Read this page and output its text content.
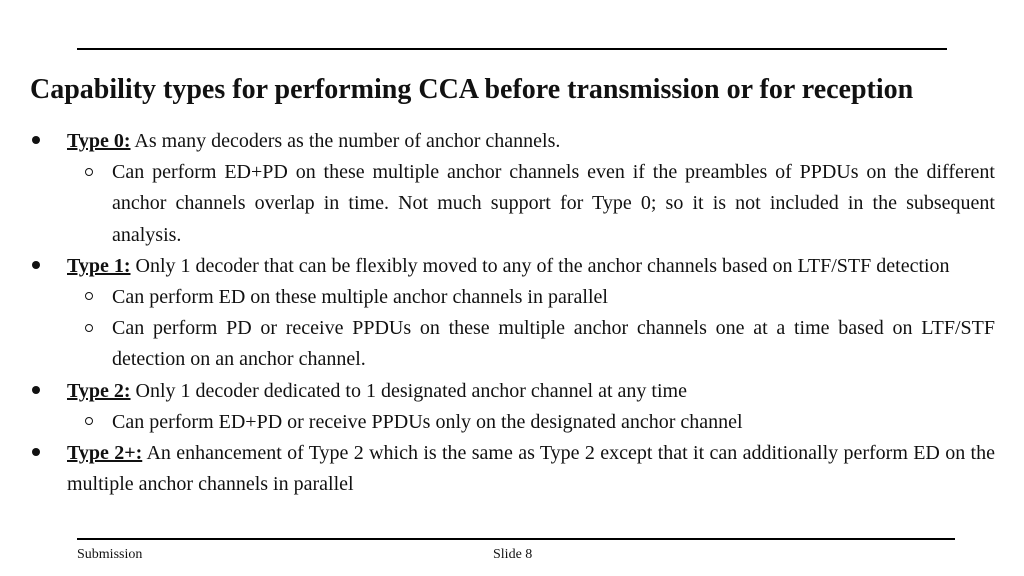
Capability types for performing CCA before transmission or for reception
Type 0: As many decoders as the number of anchor channels.
Can perform ED+PD on these multiple anchor channels even if the preambles of PPDUs on the different anchor channels overlap in time. Not much support for Type 0; so it is not included in the subsequent analysis.
Type 1: Only 1 decoder that can be flexibly moved to any of the anchor channels based on LTF/STF detection
Can perform ED on these multiple anchor channels in parallel
Can perform PD or receive PPDUs on these multiple anchor channels one at a time based on LTF/STF detection on an anchor channel.
Type 2: Only 1 decoder dedicated to 1 designated anchor channel at any time
Can perform ED+PD or receive PPDUs only on the designated anchor channel
Type 2+: An enhancement of Type 2 which is the same as Type 2 except that it can additionally perform ED on the multiple anchor channels in parallel
Submission	Slide 8
